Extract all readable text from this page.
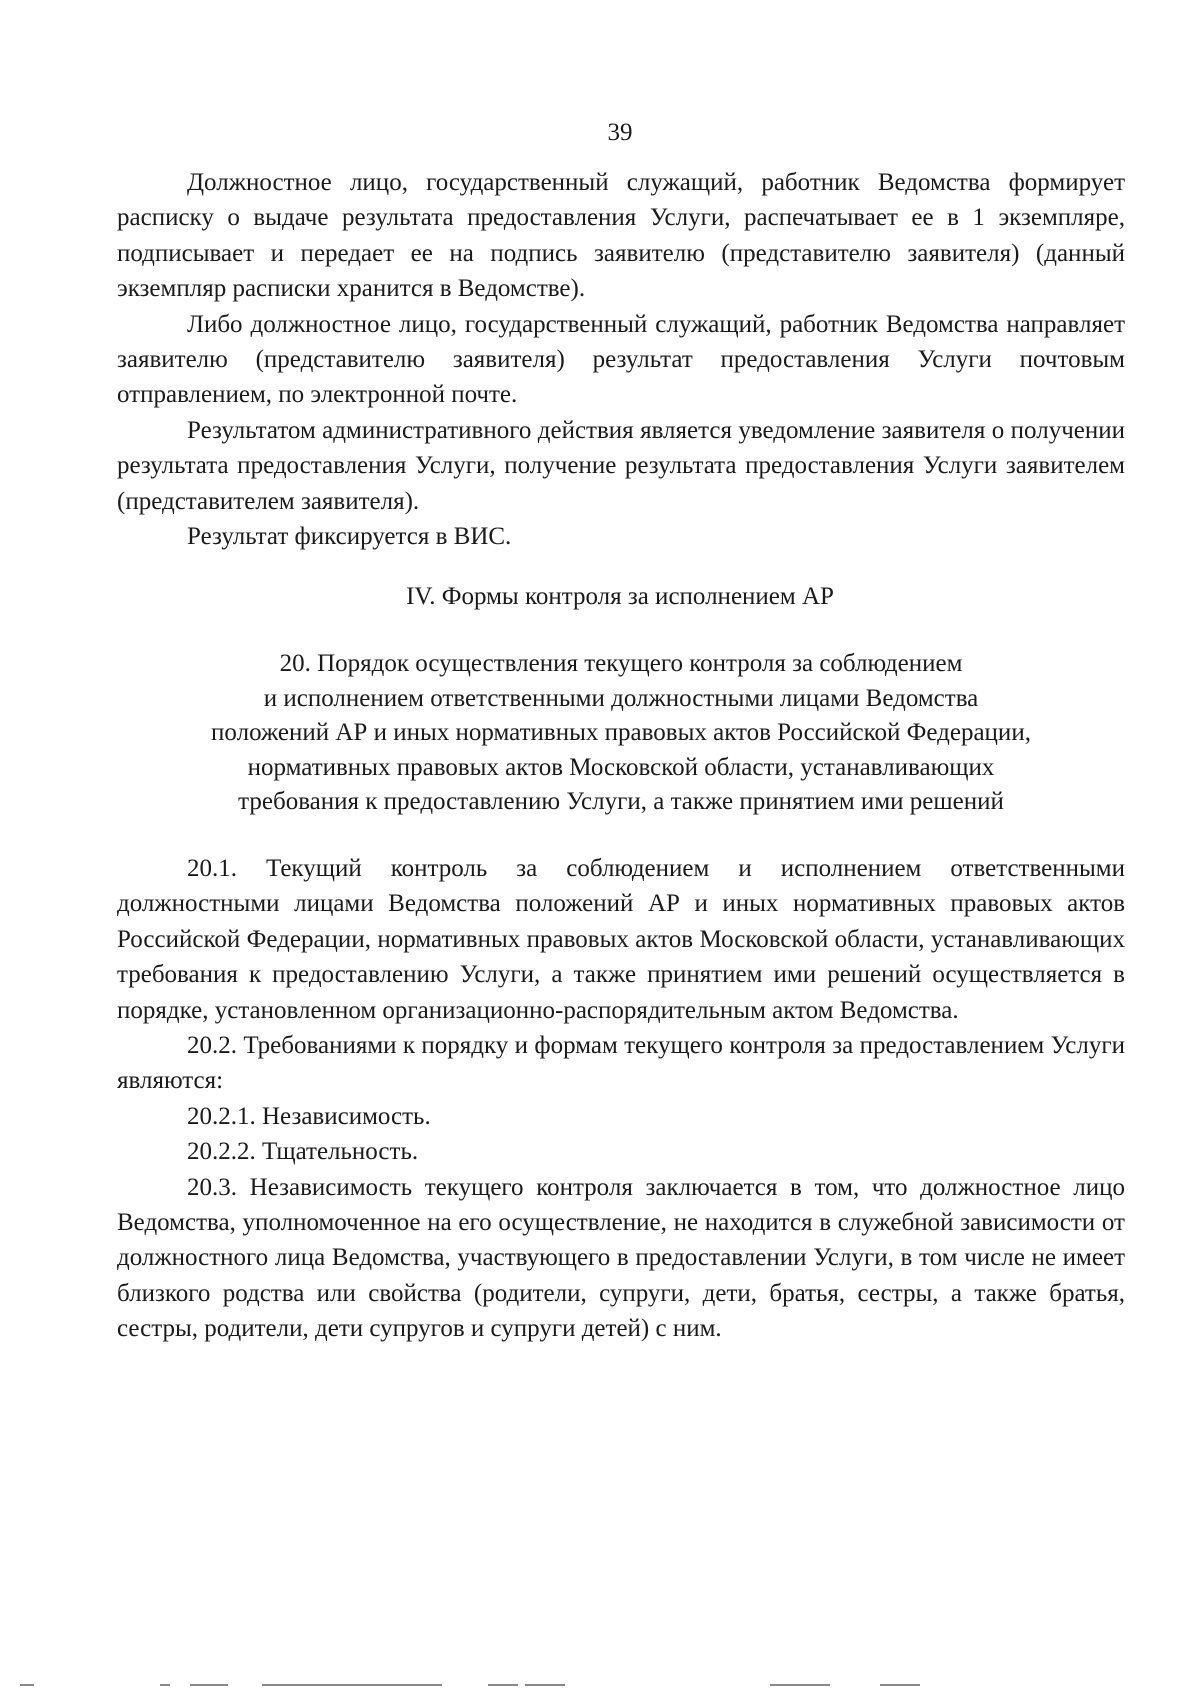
39

Должностное лицо, государственный служащий, работник Ведомства формирует расписку о выдаче результата предоставления Услуги, распечатывает ее в 1 экземпляре, подписывает и передает ее на подпись заявителю (представителю заявителя) (данный экземпляр расписки хранится в Ведомстве).

Либо должностное лицо, государственный служащий, работник Ведомства направляет заявителю (представителю заявителя) результат предоставления Услуги почтовым отправлением, по электронной почте.

Результатом административного действия является уведомление заявителя о получении результата предоставления Услуги, получение результата предоставления Услуги заявителем (представителем заявителя).

Результат фиксируется в ВИС.

IV. Формы контроля за исполнением АР

20. Порядок осуществления текущего контроля за соблюдением

и исполнением ответственными должностными лицами Ведомства

положений АР и иных нормативных правовых актов Российской Федерации,

нормативных правовых актов Московской области, устанавливающих

требования к предоставлению Услуги, а также принятием ими решений

20.1. Текущий контроль за соблюдением и исполнением ответственными должностными лицами Ведомства положений АР и иных нормативных правовых актов Российской Федерации, нормативных правовых актов Московской области, устанавливающих требования к предоставлению Услуги, а также принятием ими решений осуществляется в порядке, установленном организационно-распорядительным актом Ведомства.

20.2. Требованиями к порядку и формам текущего контроля за предоставлением Услуги являются:

20.2.1. Независимость.

20.2.2. Тщательность.

20.3. Независимость текущего контроля заключается в том, что должностное лицо Ведомства, уполномоченное на его осуществление, не находится в служебной зависимости от должностного лица Ведомства, участвующего в предоставлении Услуги, в том числе не имеет близкого родства или свойства (родители, супруги, дети, братья, сестры, а также братья, сестры, родители, дети супругов и супруги детей) с ним.
